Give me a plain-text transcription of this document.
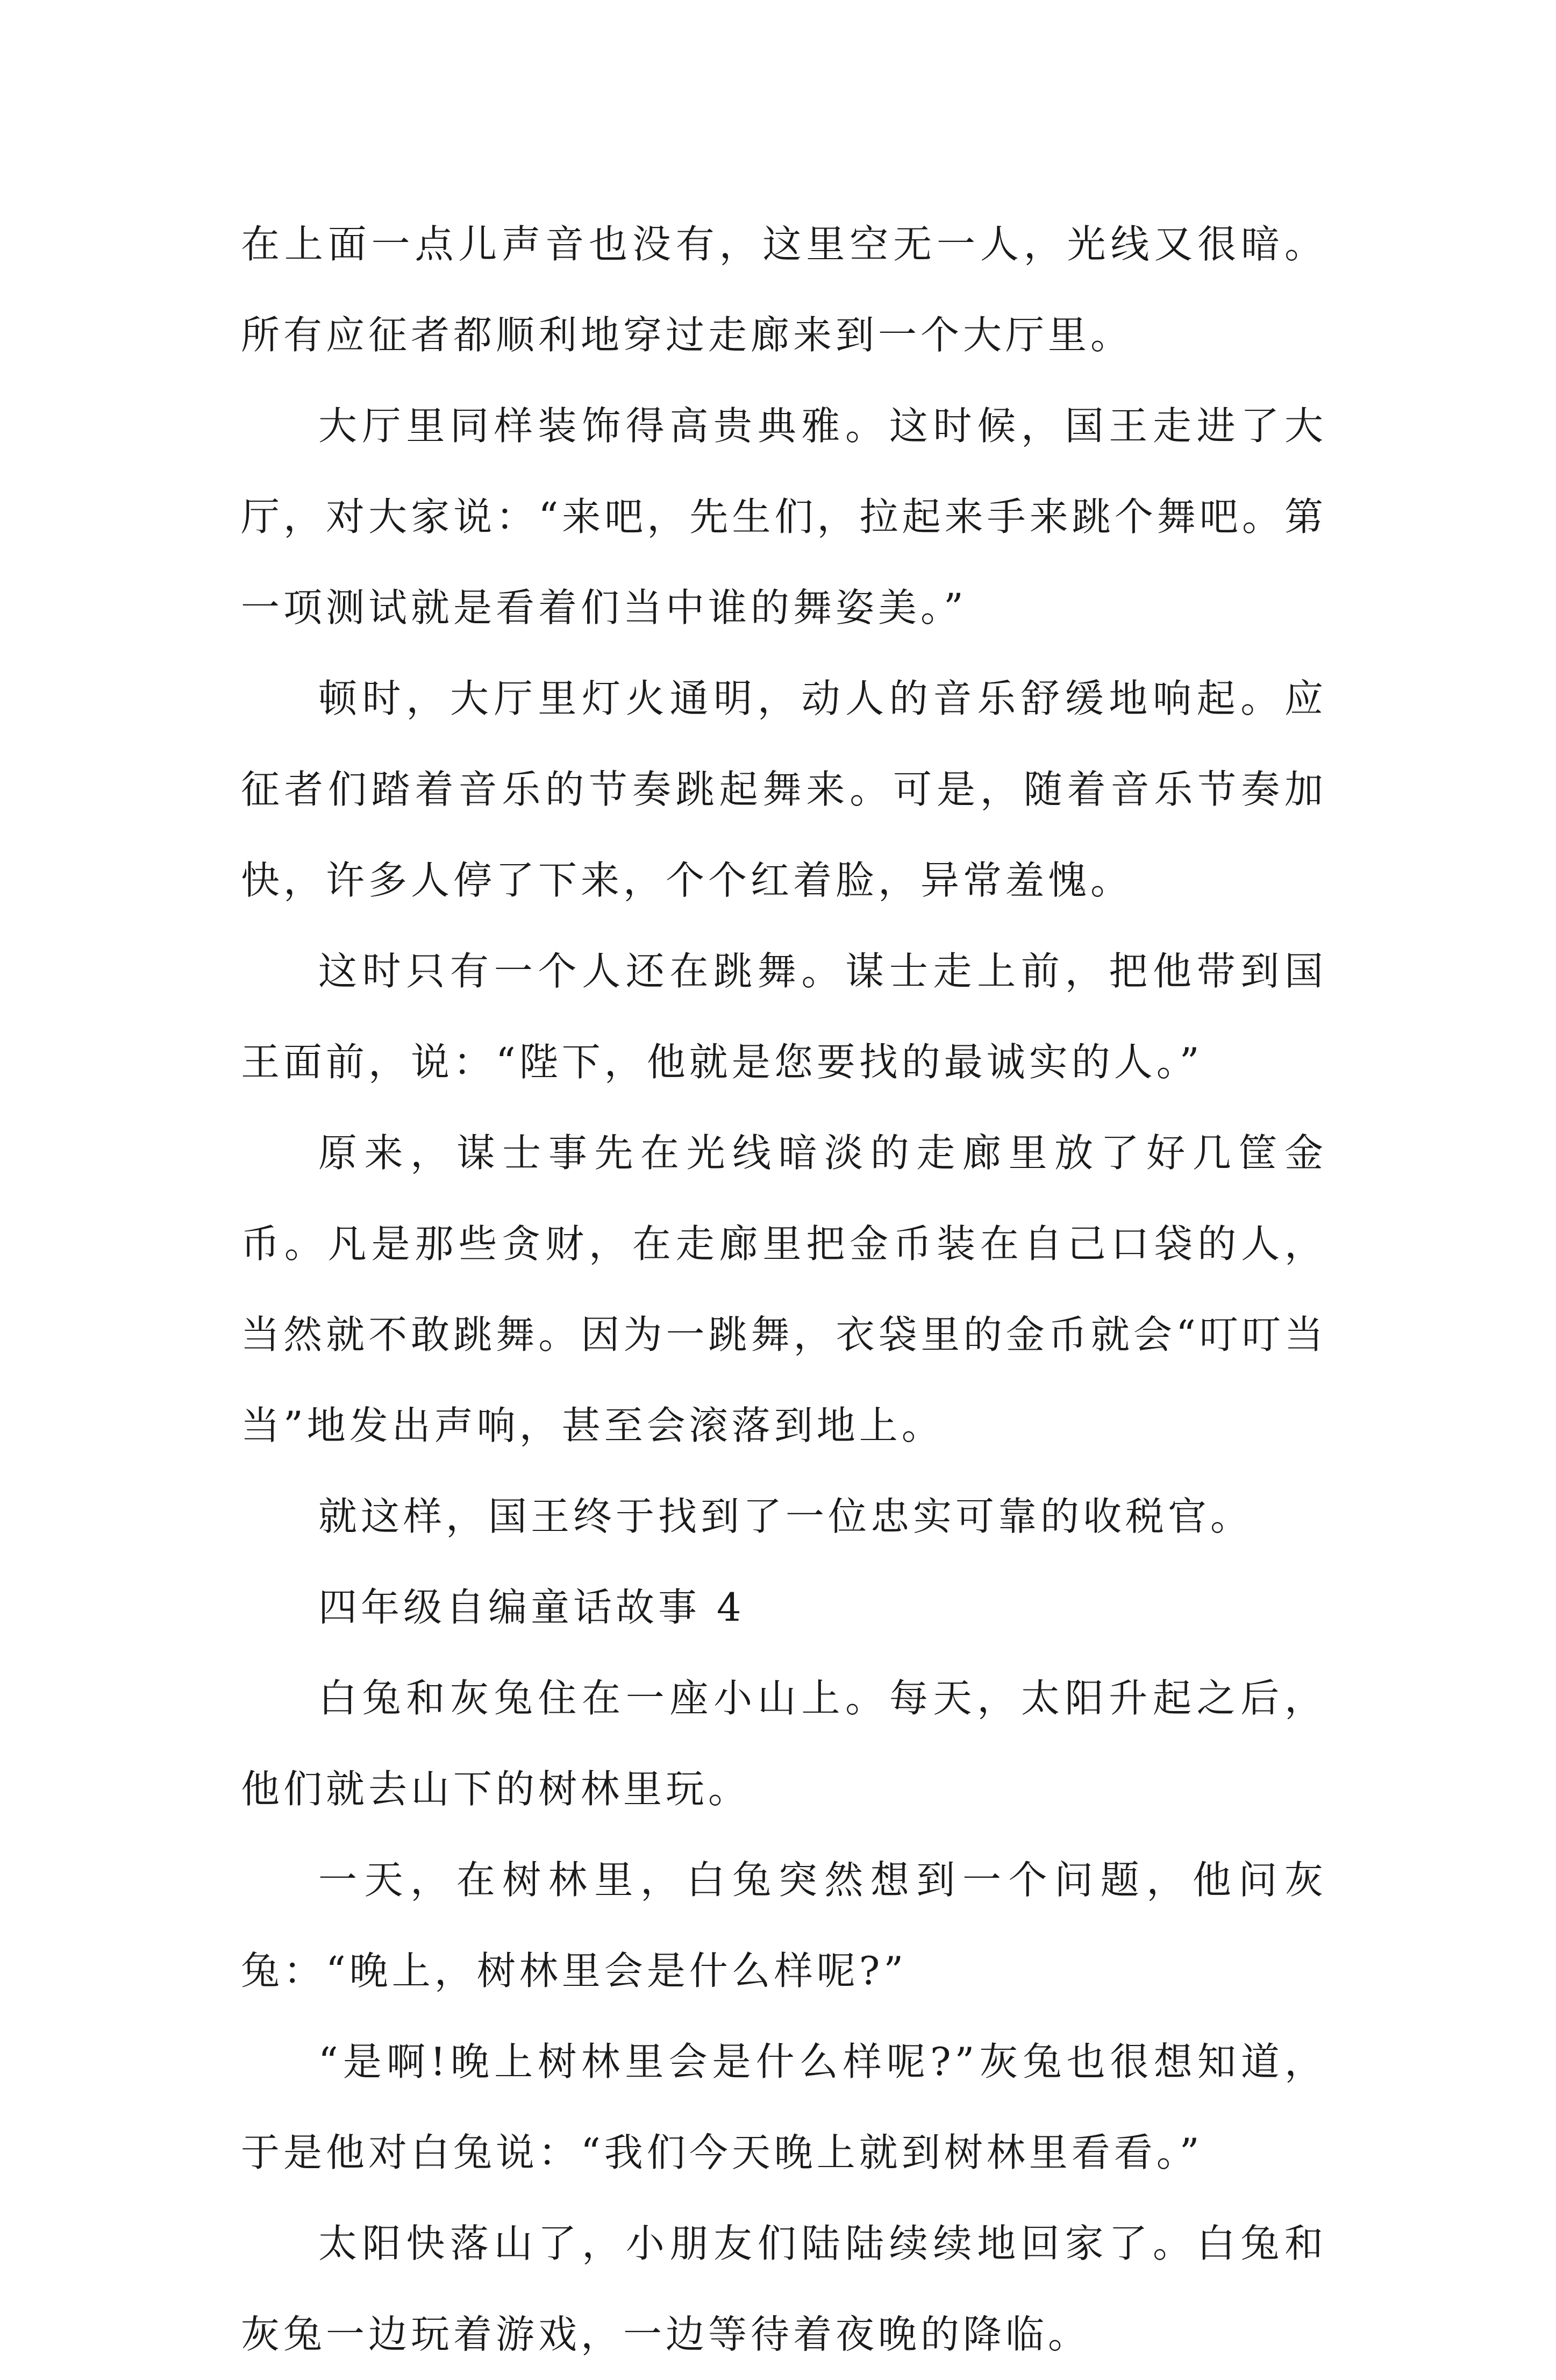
在上面一点儿声音也没有，这里空无一人，光线又很暗。所有应征者都顺利地穿过走廊来到一个大厅里。

大厅里同样装饰得高贵典雅。这时候，国王走进了大厅，对大家说：“来吧，先生们，拉起来手来跳个舞吧。第一项测试就是看着们当中谁的舞姿美。”

顿时，大厅里灯火通明，动人的音乐舒缓地响起。应征者们踏着音乐的节奏跳起舞来。可是，随着音乐节奏加快，许多人停了下来，个个红着脸，异常羞愧。

这时只有一个人还在跳舞。谋士走上前，把他带到国王面前，说：“陛下，他就是您要找的最诚实的人。”

原来，谋士事先在光线暗淡的走廊里放了好几筐金币。凡是那些贪财，在走廊里把金币装在自己口袋的人，当然就不敢跳舞。因为一跳舞，衣袋里的金币就会“叮叮当当”地发出声响，甚至会滚落到地上。

就这样，国王终于找到了一位忠实可靠的收税官。

四年级自编童话故事 4

白兔和灰兔住在一座小山上。每天，太阳升起之后，他们就去山下的树林里玩。

一天，在树林里，白兔突然想到一个问题，他问灰兔：“晚上，树林里会是什么样呢?”

“是啊!晚上树林里会是什么样呢?”灰兔也很想知道，于是他对白兔说：“我们今天晚上就到树林里看看。”

太阳快落山了，小朋友们陆陆续续地回家了。白兔和灰兔一边玩着游戏，一边等待着夜晚的降临。
